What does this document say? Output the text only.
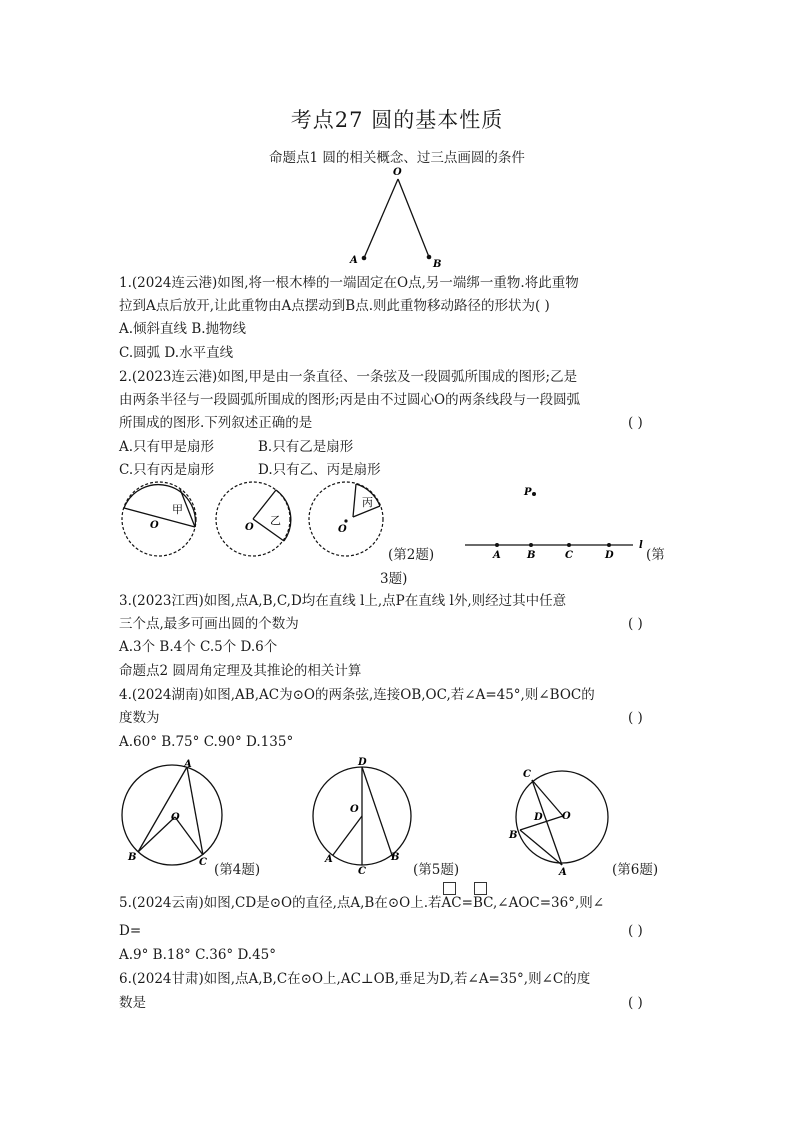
考点27 圆的基本性质
命题点1 圆的相关概念、过三点画圆的条件
O
A	B
1.(2024连云港)如图,将一根木棒的一端固定在O点,另一端绑一重物.将此重物
拉到A点后放开,让此重物由A点摆动到B点.则此重物移动路径的形状为( )
A.倾斜直线 B.抛物线
C.圆弧 D.水平直线
2.(2023连云港)如图,甲是由一条直径、一条弦及一段圆弧所围成的图形;乙是
由两条半径与一段圆弧所围成的图形;丙是由不过圆心O的两条线段与一段圆弧
所围成的图形.下列叙述正确的是	( )
A.只有甲是扇形	B.只有乙是扇形
C.只有丙是扇形	D.只有乙、丙是扇形
甲
O	乙
O
丙
O
(第2题)
P
A	B	C	D
l
(第
3题)
3.(2023江西)如图,点A,B,C,D均在直线 l上,点P在直线 l外,则经过其中任意
三个点,最多可画出圆的个数为	( )
A.3个 B.4个 C.5个 D.6个
命题点2 圆周角定理及其推论的相关计算
4.(2024湖南)如图,AB,AC为⊙O的两条弦,连接OB,OC,若∠A=45°,则∠BOC的
度数为	( )
A.60° B.75° C.90° D.135°
A
B	C
O
(第4题)
D
O
A	B
C	(第5题)
C
D O
B
A	(第6题)
5.(2024云南)如图,CD是⊙O的直径,点A,B在⊙O上.若
AC=
BC,∠AOC=36°,则∠
D=	( )
A.9° B.18° C.36° D.45°
6.(2024甘肃)如图,点A,B,C在⊙O上,AC⊥OB,垂足为D,若∠A=35°,则∠C的度
数是	( )
